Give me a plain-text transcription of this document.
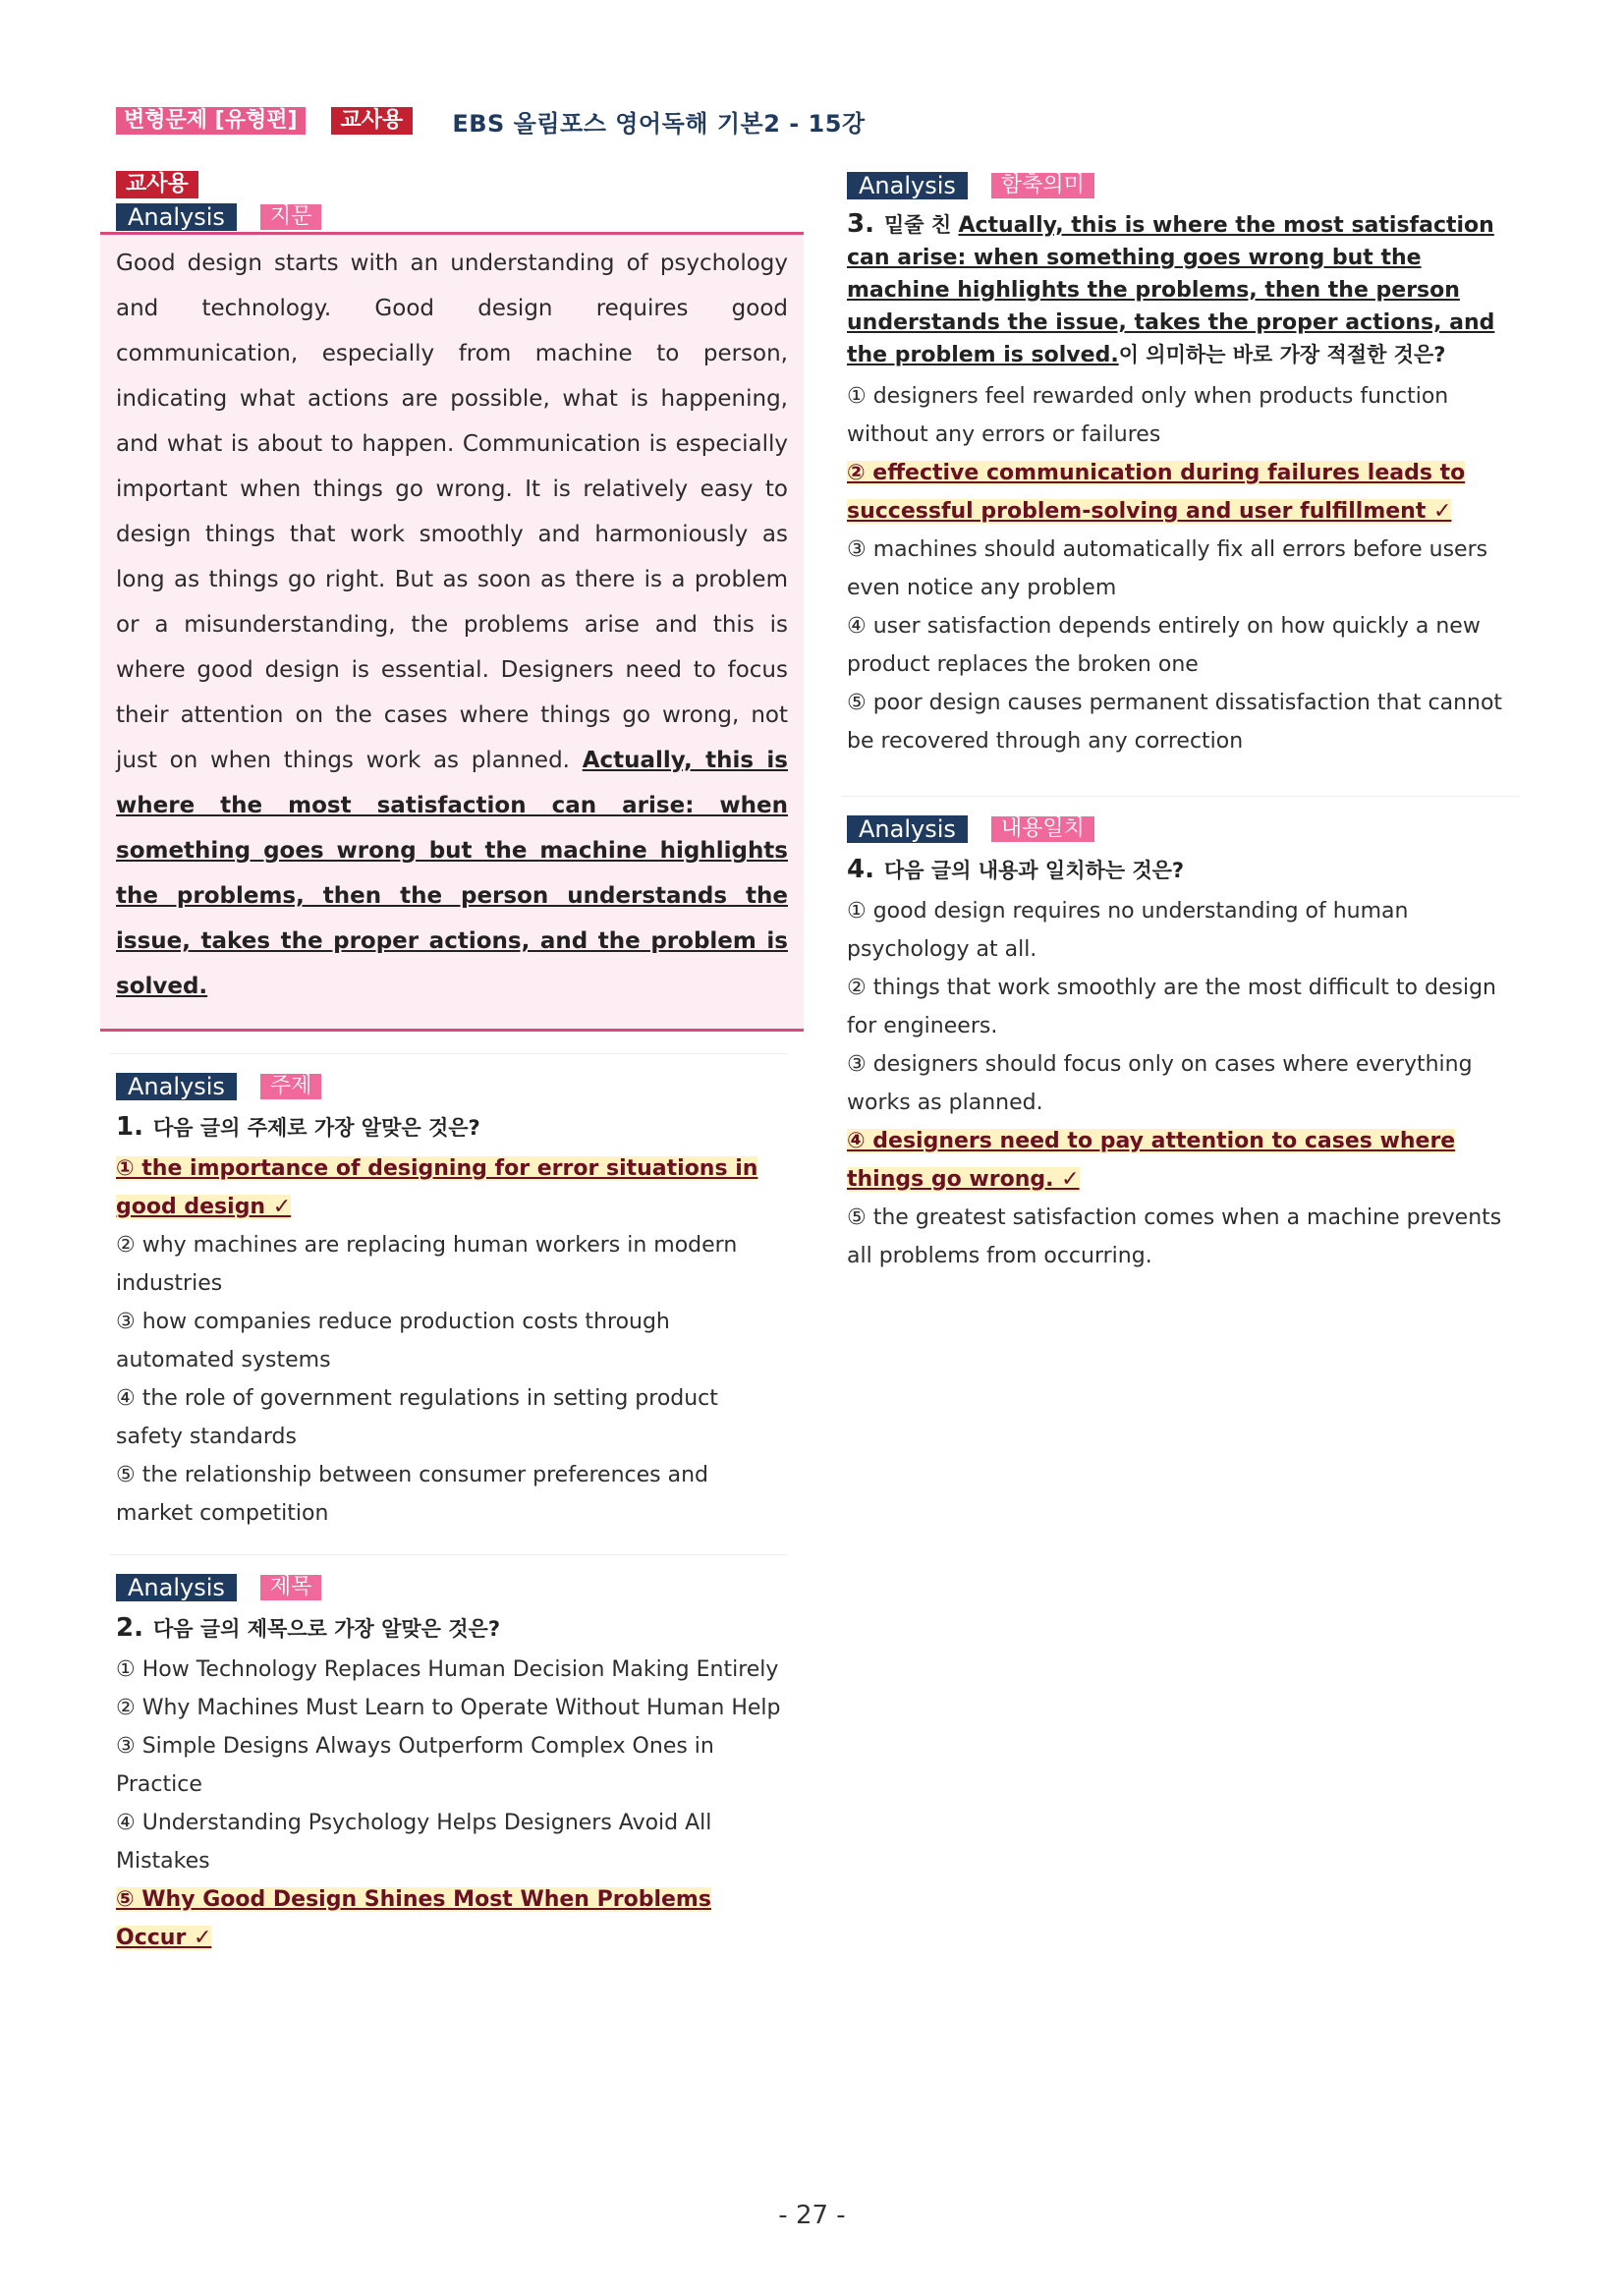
변형문제 [유형편]	교사용	EBS 올림포스 영어독해 기본2 - 15강
교사용
Analysis	지문

Good design starts with an understanding of psychology and technology. Good design requires good communication, especially from machine to person, indicating what actions are possible, what is happening, and what is about to happen. Communication is especially important when things go wrong. It is relatively easy to design things that work smoothly and harmoniously as long as things go right. But as soon as there is a problem or a misunderstanding, the problems arise and this is where good design is essential. Designers need to focus their attention on the cases where things go wrong, not just on when things work as planned. Actually, this is where the most satisfaction can arise: when something goes wrong but the machine highlights the problems, then the person understands the issue, takes the proper actions, and the problem is solved.

Analysis	주제
1. 다음 글의 주제로 가장 알맞은 것은?

① the importance of designing for error situations in good design ✓

② why machines are replacing human workers in modern industries

③ how companies reduce production costs through automated systems

④ the role of government regulations in setting product safety standards

⑤ the relationship between consumer preferences and market competition

Analysis	제목
2. 다음 글의 제목으로 가장 알맞은 것은?

① How Technology Replaces Human Decision Making Entirely

② Why Machines Must Learn to Operate Without Human Help

③ Simple Designs Always Outperform Complex Ones in Practice

④ Understanding Psychology Helps Designers Avoid All Mistakes

⑤ Why Good Design Shines Most When Problems Occur ✓

Analysis	함축의미
3. 밑줄 친 Actually, this is where the most satisfaction can arise: when something goes wrong but the machine highlights the problems, then the person understands the issue, takes the proper actions, and the problem is solved.이 의미하는 바로 가장 적절한 것은?

① designers feel rewarded only when products function without any errors or failures

② effective communication during failures leads to successful problem-solving and user fulfillment ✓

③ machines should automatically fix all errors before users even notice any problem

④ user satisfaction depends entirely on how quickly a new product replaces the broken one

⑤ poor design causes permanent dissatisfaction that cannot be recovered through any correction

Analysis	내용일치
4. 다음 글의 내용과 일치하는 것은?

① good design requires no understanding of human psychology at all.

② things that work smoothly are the most difficult to design for engineers.

③ designers should focus only on cases where everything works as planned.

④ designers need to pay attention to cases where things go wrong. ✓

⑤ the greatest satisfaction comes when a machine prevents all problems from occurring.

- 27 -
